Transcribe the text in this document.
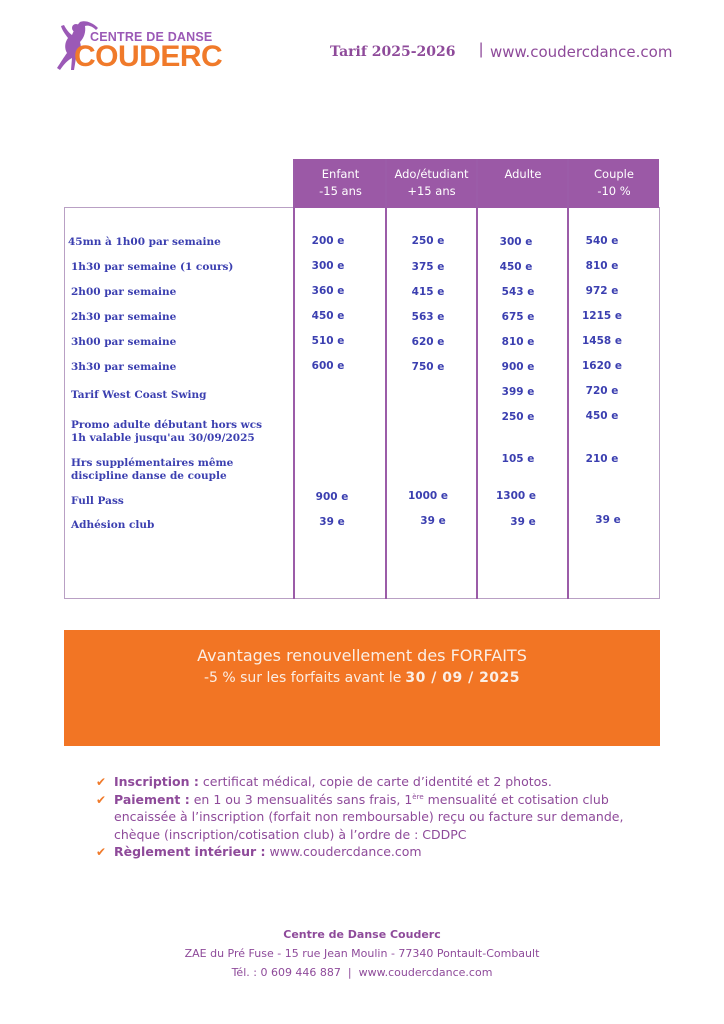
CENTRE DE DANSE
COUDERC	Tarif 2025-2026 | www.coudercdance.com
Enfant
-15 ans
Ado/étudiant
+15 ans
Adulte	Couple
-10 %
45mn à 1h00 par semaine
1h30 par semaine (1 cours)
2h00 par semaine
2h30 par semaine
3h00 par semaine
3h30 par semaine
Tarif West Coast Swing
Promo adulte débutant hors wcs
1h valable jusqu'au 30/09/2025
Hrs supplémentaires même
discipline danse de couple
Full Pass
Adhésion club
200 e
300 e
360 e
450 e
510 e
600 e
900 e
39 e
250 e
375 e
415 e
563 e
620 e
750 e
1000 e
39 e
300 e
450 e
543 e
675 e
810 e
900 e
399 e
250 e
105 e
1300 e
39 e
540 e
810 e
972 e
1215 e
1458 e
1620 e
720 e
450 e
210 e
39 e
Avantages renouvellement des FORFAITS
-5 % sur les forfaits avant le 30 / 09 / 2025
✔ Inscription : certificat médical, copie de carte d’identité et 2 photos.
✔ Paiement : en 1 ou 3 mensualités sans frais, 1ère mensualité et cotisation club encaissée à l’inscription (forfait non remboursable) reçu ou facture sur demande, chèque (inscription/cotisation club) à l’ordre de : CDDPC
✔ Règlement intérieur : www.coudercdance.com
Centre de Danse Couderc
ZAE du Pré Fuse - 15 rue Jean Moulin - 77340 Pontault-Combault
Tél. : 0 609 446 887  |  www.coudercdance.com
